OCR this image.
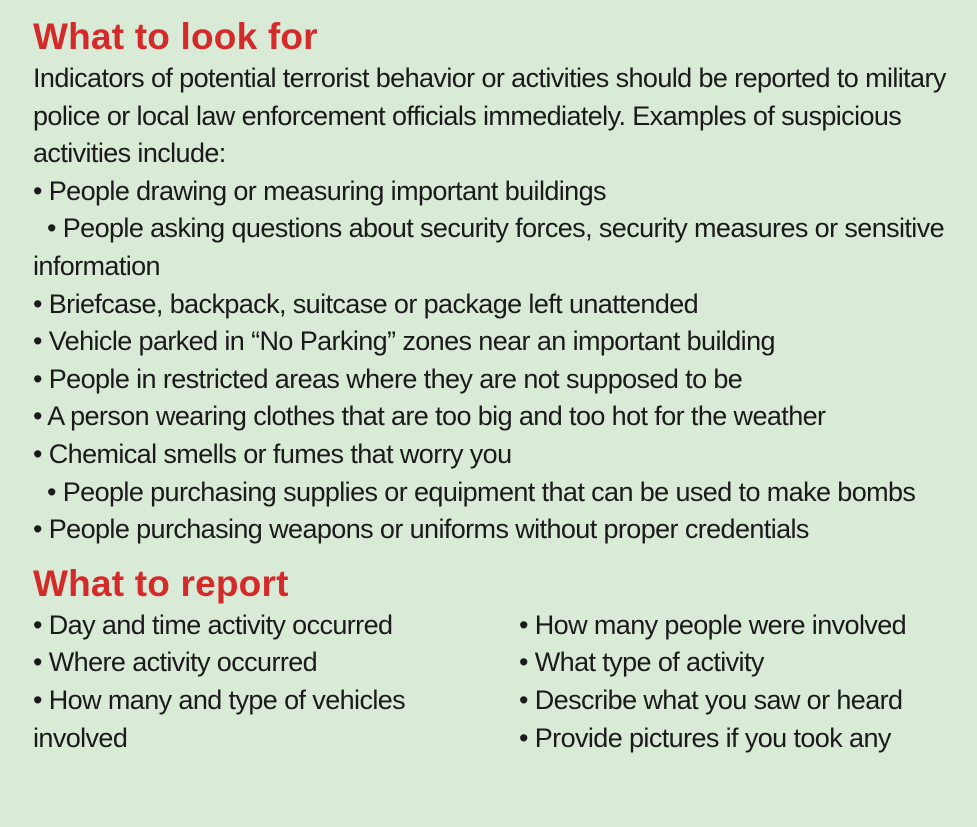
What to look for

Indicators of potential terrorist behavior or activities should be reported to military police or local law enforcement officials immediately. Examples of suspicious activities include:

• People drawing or measuring important buildings
• People asking questions about security forces, security measures or sensitive information
• Briefcase, backpack, suitcase or package left unattended
• Vehicle parked in “No Parking” zones near an important building
• People in restricted areas where they are not supposed to be
• A person wearing clothes that are too big and too hot for the weather
• Chemical smells or fumes that worry you
• People purchasing supplies or equipment that can be used to make bombs
• People purchasing weapons or uniforms without proper credentials
What to report
• Day and time activity occurred
• Where activity occurred
• How many and type of vehicles involved
• How many people were involved
• What type of activity
• Describe what you saw or heard
• Provide pictures if you took any
